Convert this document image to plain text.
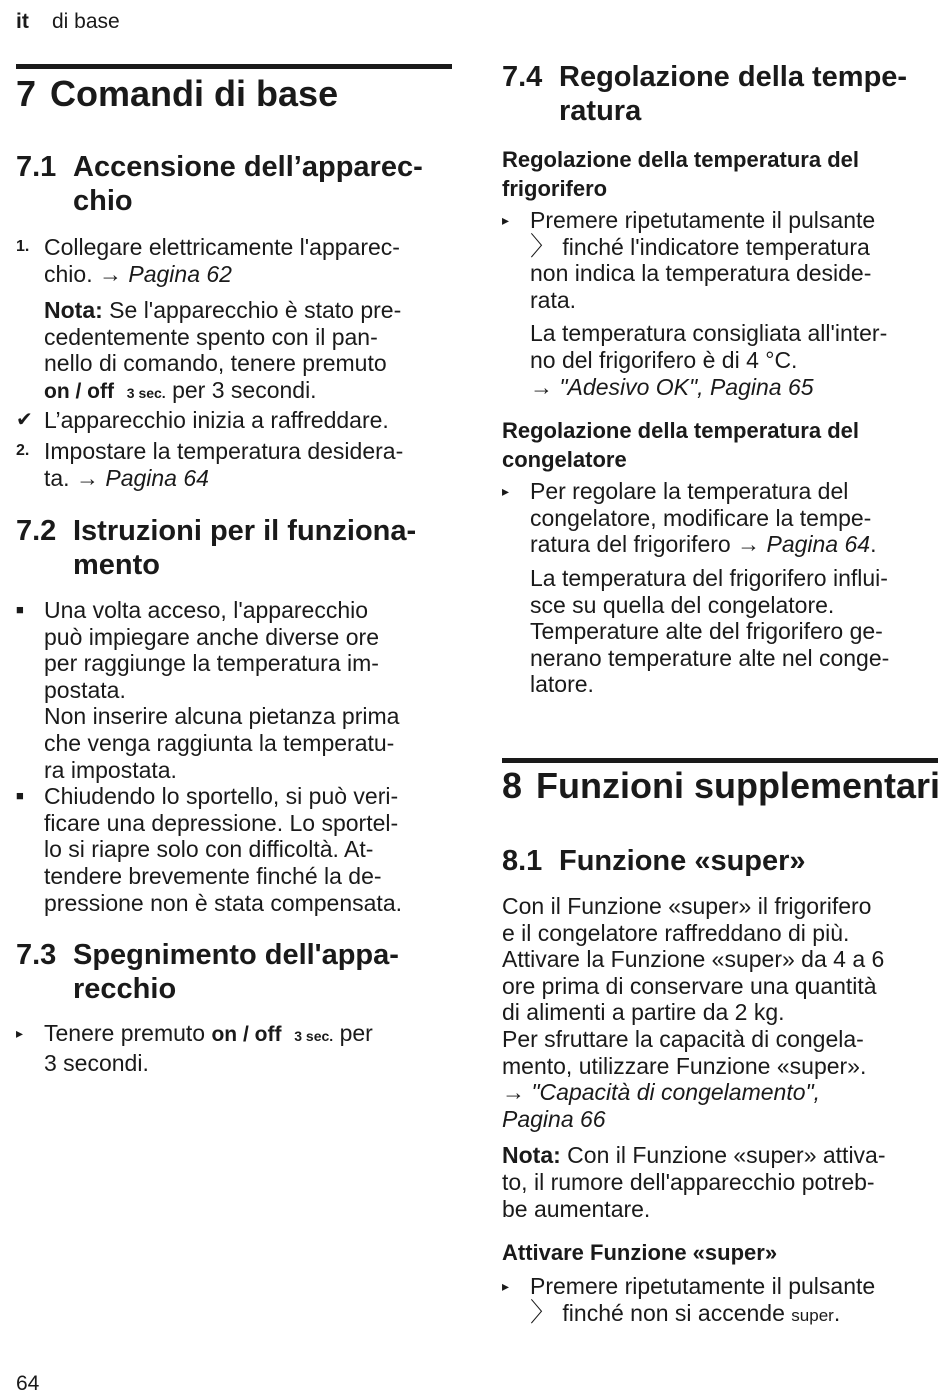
it di base
7 Comandi di base
7.1 Accensione dell’apparec-
chio
1. Collegare elettricamente l'apparec-
chio. → Pagina 62
Nota: Se l'apparecchio è stato pre-
cedentemente spento con il pan-
nello di comando, tenere premuto
on / off 3 sec. per 3 secondi.
✔ L’apparecchio inizia a raffreddare.
2. Impostare la temperatura desidera-
ta. → Pagina 64
7.2 Istruzioni per il funziona-
mento
■ Una volta acceso, l'apparecchio
può impiegare anche diverse ore
per raggiunge la temperatura im-
postata.
Non inserire alcuna pietanza prima
che venga raggiunta la temperatu-
ra impostata.
■ Chiudendo lo sportello, si può veri-
ficare una depressione. Lo sportel-
lo si riapre solo con difficoltà. At-
tendere brevemente finché la de-
pressione non è stata compensata.
7.3 Spegnimento dell'appa-
recchio
▸ Tenere premuto on / off 3 sec. per
3 secondi.
7.4 Regolazione della tempe-
ratura
Regolazione della temperatura del
frigorifero
▸ Premere ripetutamente il pulsante
〉 finché l'indicatore temperatura
non indica la temperatura deside-
rata.
La temperatura consigliata all'inter-
no del frigorifero è di 4 °C.
→ "Adesivo OK", Pagina 65
Regolazione della temperatura del
congelatore
▸ Per regolare la temperatura del
congelatore, modificare la tempe-
ratura del frigorifero → Pagina 64.
La temperatura del frigorifero influi-
sce su quella del congelatore.
Temperature alte del frigorifero ge-
nerano temperature alte nel conge-
latore.
8 Funzioni supplementari
8.1 Funzione «super»
Con il Funzione «super» il frigorifero
e il congelatore raffreddano di più.
Attivare la Funzione «super» da 4 a 6
ore prima di conservare una quantità
di alimenti a partire da 2 kg.
Per sfruttare la capacità di congela-
mento, utilizzare Funzione «super».
→ "Capacità di congelamento",
Pagina 66
Nota: Con il Funzione «super» attiva-
to, il rumore dell'apparecchio potreb-
be aumentare.
Attivare Funzione «super»
▸ Premere ripetutamente il pulsante
〉 finché non si accende super.
64
